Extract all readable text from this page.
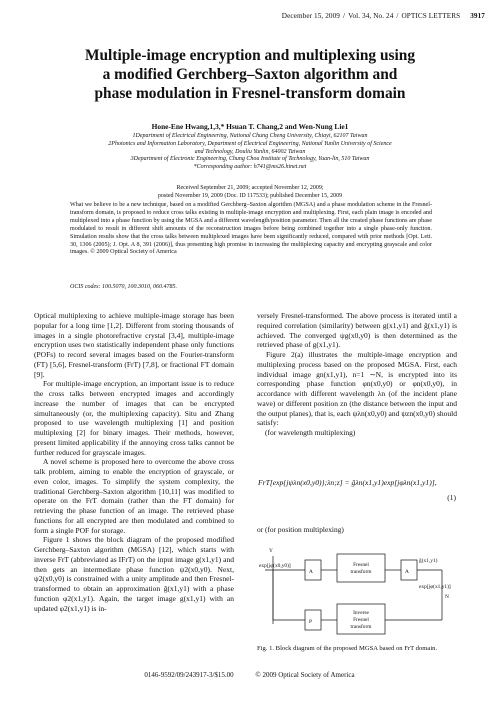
December 15, 2009 / Vol. 34, No. 24 / OPTICS LETTERS 3917
Multiple-image encryption and multiplexing using
a modified Gerchberg–Saxton algorithm and
phase modulation in Fresnel-transform domain
Hone-Ene Hwang,1,3,* Hsuan T. Chang,2 and Wen-Nung Lie1
1Department of Electrical Engineering, National Chung Cheng University, Chiayi, 62107 Taiwan
2Photonics and Information Laboratory, Department of Electrical Engineering, National Yunlin University of Science
and Technology, Douliu Yunlin, 64002 Taiwan
3Department of Electronic Engineering, Chung Chou Institute of Technology, Yuan-lin, 510 Taiwan
*Corresponding author: h741@ms26.hinet.net
Received September 21, 2009; accepted November 12, 2009;
posted November 19, 2009 (Doc. ID 117533); published December 15, 2009
What we believe to be a new technique, based on a modified Gerchberg–Saxton algorithm (MGSA) and a phase modulation scheme in the Fresnel-transform domain, is proposed to reduce cross talks existing in multiple-image encryption and multiplexing. First, each plain image is encoded and multiplexed into a phase function by using the MGSA and a different wavelength/position parameter. Then all the created phase functions are phase modulated to result in different shift amounts of the reconstruction images before being combined together into a single phase-only function. Simulation results show that the cross talks between multiplexed images have been significantly reduced, compared with prior methods [Opt. Lett. 30, 1306 (2005); J. Opt. A 8, 391 (2006)], thus presenting high promise in increasing the multiplexing capacity and encrypting grayscale and color images. © 2009 Optical Society of America
OCIS codes: 100.5070, 100.3010, 060.4785.

Optical multiplexing to achieve multiple-image storage has been popular for a long time [1,2]. Different from storing thousands of images in a single photorefractive crystal [3,4], multiple-image encryption uses two statistically independent phase only functions (POFs) to record several images based on the Fourier-transform (FT) [5,6], Fresnel-transform (FrT) [7,8], or fractional FT domain [9].

For multiple-image encryption, an important issue is to reduce the cross talks between encrypted images and accordingly increase the number of images that can be encrypted simultaneously (or, the multiplexing capacity). Situ and Zhang proposed to use wavelength multiplexing [1] and position multiplexing [2] for binary images. Their methods, however, present limited applicability if the annoying cross talks cannot be further reduced for grayscale images.

A novel scheme is proposed here to overcome the above cross talk problem, aiming to enable the encryption of grayscale, or even color, images. To simplify the system complexity, the traditional Gerchberg–Saxton algorithm [10,11] was modified to operate on the FrT domain (rather than the FT domain) for retrieving the phase function of an image. The retrieved phase functions for all encrypted are then modulated and combined to form a single POF for storage.

Figure 1 shows the block diagram of the proposed modified Gerchberg–Saxton algorithm (MGSA) [12], which starts with inverse FrT (abbreviated as IFrT) on the input image g(x1,y1) and then gets an intermediate phase function ψ2(x0,y0). Next, ψ2(x0,y0) is constrained with a unity amplitude and then Fresnel-transformed to obtain an approximation ĝ(x1,y1) with a phase function φ2(x1,y1). Again, the target image g(x1,y1) with an updated φ2(x1,y1) is in-

versely Fresnel-transformed. The above process is iterated until a required correlation (similarity) between g(x1,y1) and ĝ(x1,y1) is achieved. The converged ψg(x0,y0) is then determined as the retrieved phase of g(x1,y1).

Figure 2(a) illustrates the multiple-image encryption and multiplexing process based on the proposed MGSA. First, each individual image gn(x1,y1), n=1 ∼N, is encrypted into its corresponding phase function φn(x0,y0) or φn(x0,y0), in accordance with different wavelength λn (of the incident plane wave) or different position zn (the distance between the input and the output planes), that is, each ψλn(x0,y0) and ψzn(x0,y0) should satisfy:

(for wavelength multiplexing)

FrT[exp{jψλn(x0,y0)};λn;z] = ĝλn(x1,y1)exp[jφλn(x1,y1)],
(1)
or (for position multiplexing)
exp[jφ(x0,y0)]
A
Fresnel
transform	A
ĝ(x1,y1)
exp[jφ(x1,y1)]
Inverse
Fresnel
transform
P
Y
N
Fig. 1. Block diagram of the proposed MGSA based on FrT domain.
0146-9592/09/243917-3/$15.00	© 2009 Optical Society of America
